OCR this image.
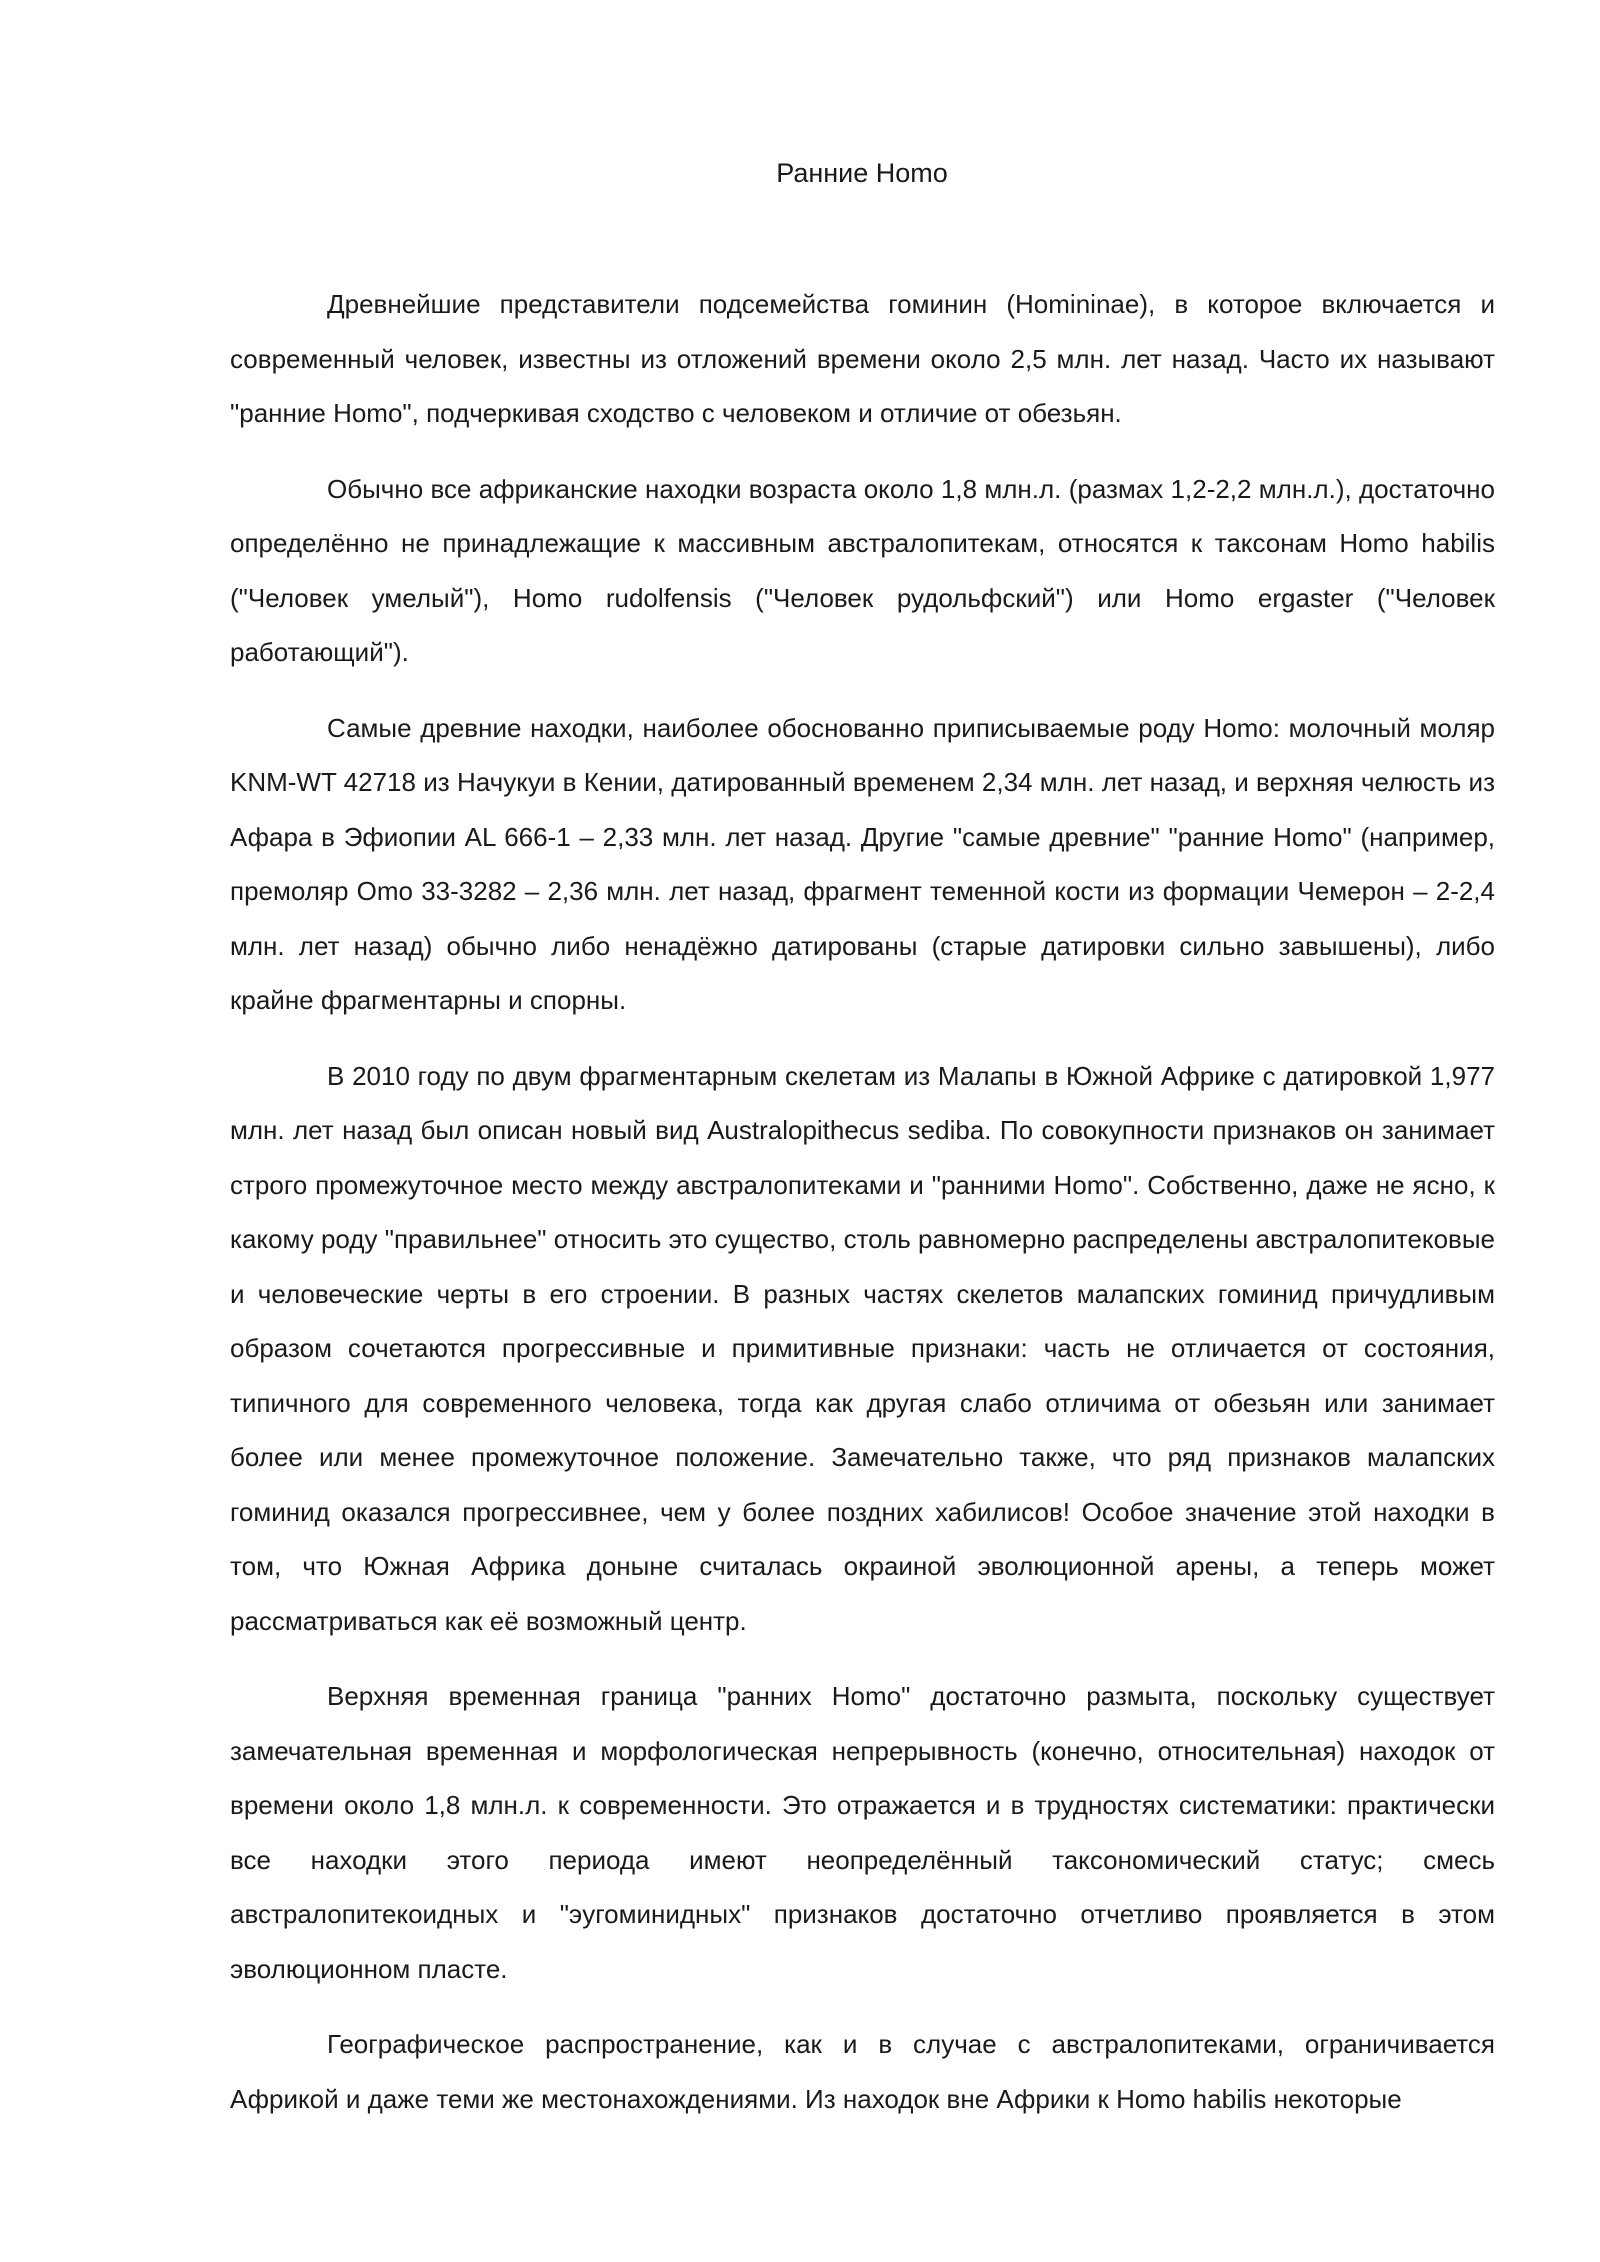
Ранние Homo

Древнейшие представители подсемейства гоминин (Homininae), в которое включается и современный человек, известны из отложений времени около 2,5 млн. лет назад. Часто их называют "ранние Homo", подчеркивая сходство с человеком и отличие от обезьян.

Обычно все африканские находки возраста около 1,8 млн.л. (размах 1,2-2,2 млн.л.), достаточно определённо не принадлежащие к массивным австралопитекам, относятся к таксонам Homo habilis ("Человек умелый"), Homo rudolfensis ("Человек рудольфский") или Homo ergaster ("Человек работающий").

Самые древние находки, наиболее обоснованно приписываемые роду Homo: молочный моляр KNM-WT 42718 из Начукуи в Кении, датированный временем 2,34 млн. лет назад, и верхняя челюсть из Афара в Эфиопии AL 666-1 – 2,33 млн. лет назад. Другие "самые древние" "ранние Homo" (например, премоляр Omo 33-3282 – 2,36 млн. лет назад, фрагмент теменной кости из формации Чемерон – 2-2,4 млн. лет назад) обычно либо ненадёжно датированы (старые датировки сильно завышены), либо крайне фрагментарны и спорны.

В 2010 году по двум фрагментарным скелетам из Малапы в Южной Африке с датировкой 1,977 млн. лет назад был описан новый вид Australopithecus sediba. По совокупности признаков он занимает строго промежуточное место между австралопитеками и "ранними Homo". Собственно, даже не ясно, к какому роду "правильнее" относить это существо, столь равномерно распределены австралопитековые и человеческие черты в его строении. В разных частях скелетов малапских гоминид причудливым образом сочетаются прогрессивные и примитивные признаки: часть не отличается от состояния, типичного для современного человека, тогда как другая слабо отличима от обезьян или занимает более или менее промежуточное положение. Замечательно также, что ряд признаков малапских гоминид оказался прогрессивнее, чем у более поздних хабилисов! Особое значение этой находки в том, что Южная Африка доныне считалась окраиной эволюционной арены, а теперь может рассматриваться как её возможный центр.

Верхняя временная граница "ранних Homo" достаточно размыта, поскольку существует замечательная временная и морфологическая непрерывность (конечно, относительная) находок от времени около 1,8 млн.л. к современности. Это отражается и в трудностях систематики: практически все находки этого периода имеют неопределённый таксономический статус; смесь австралопитекоидных и "эугоминидных" признаков достаточно отчетливо проявляется в этом эволюционном пласте.

Географическое распространение, как и в случае с австралопитеками, ограничивается Африкой и даже теми же местонахождениями. Из находок вне Африки к Homo habilis некоторые
